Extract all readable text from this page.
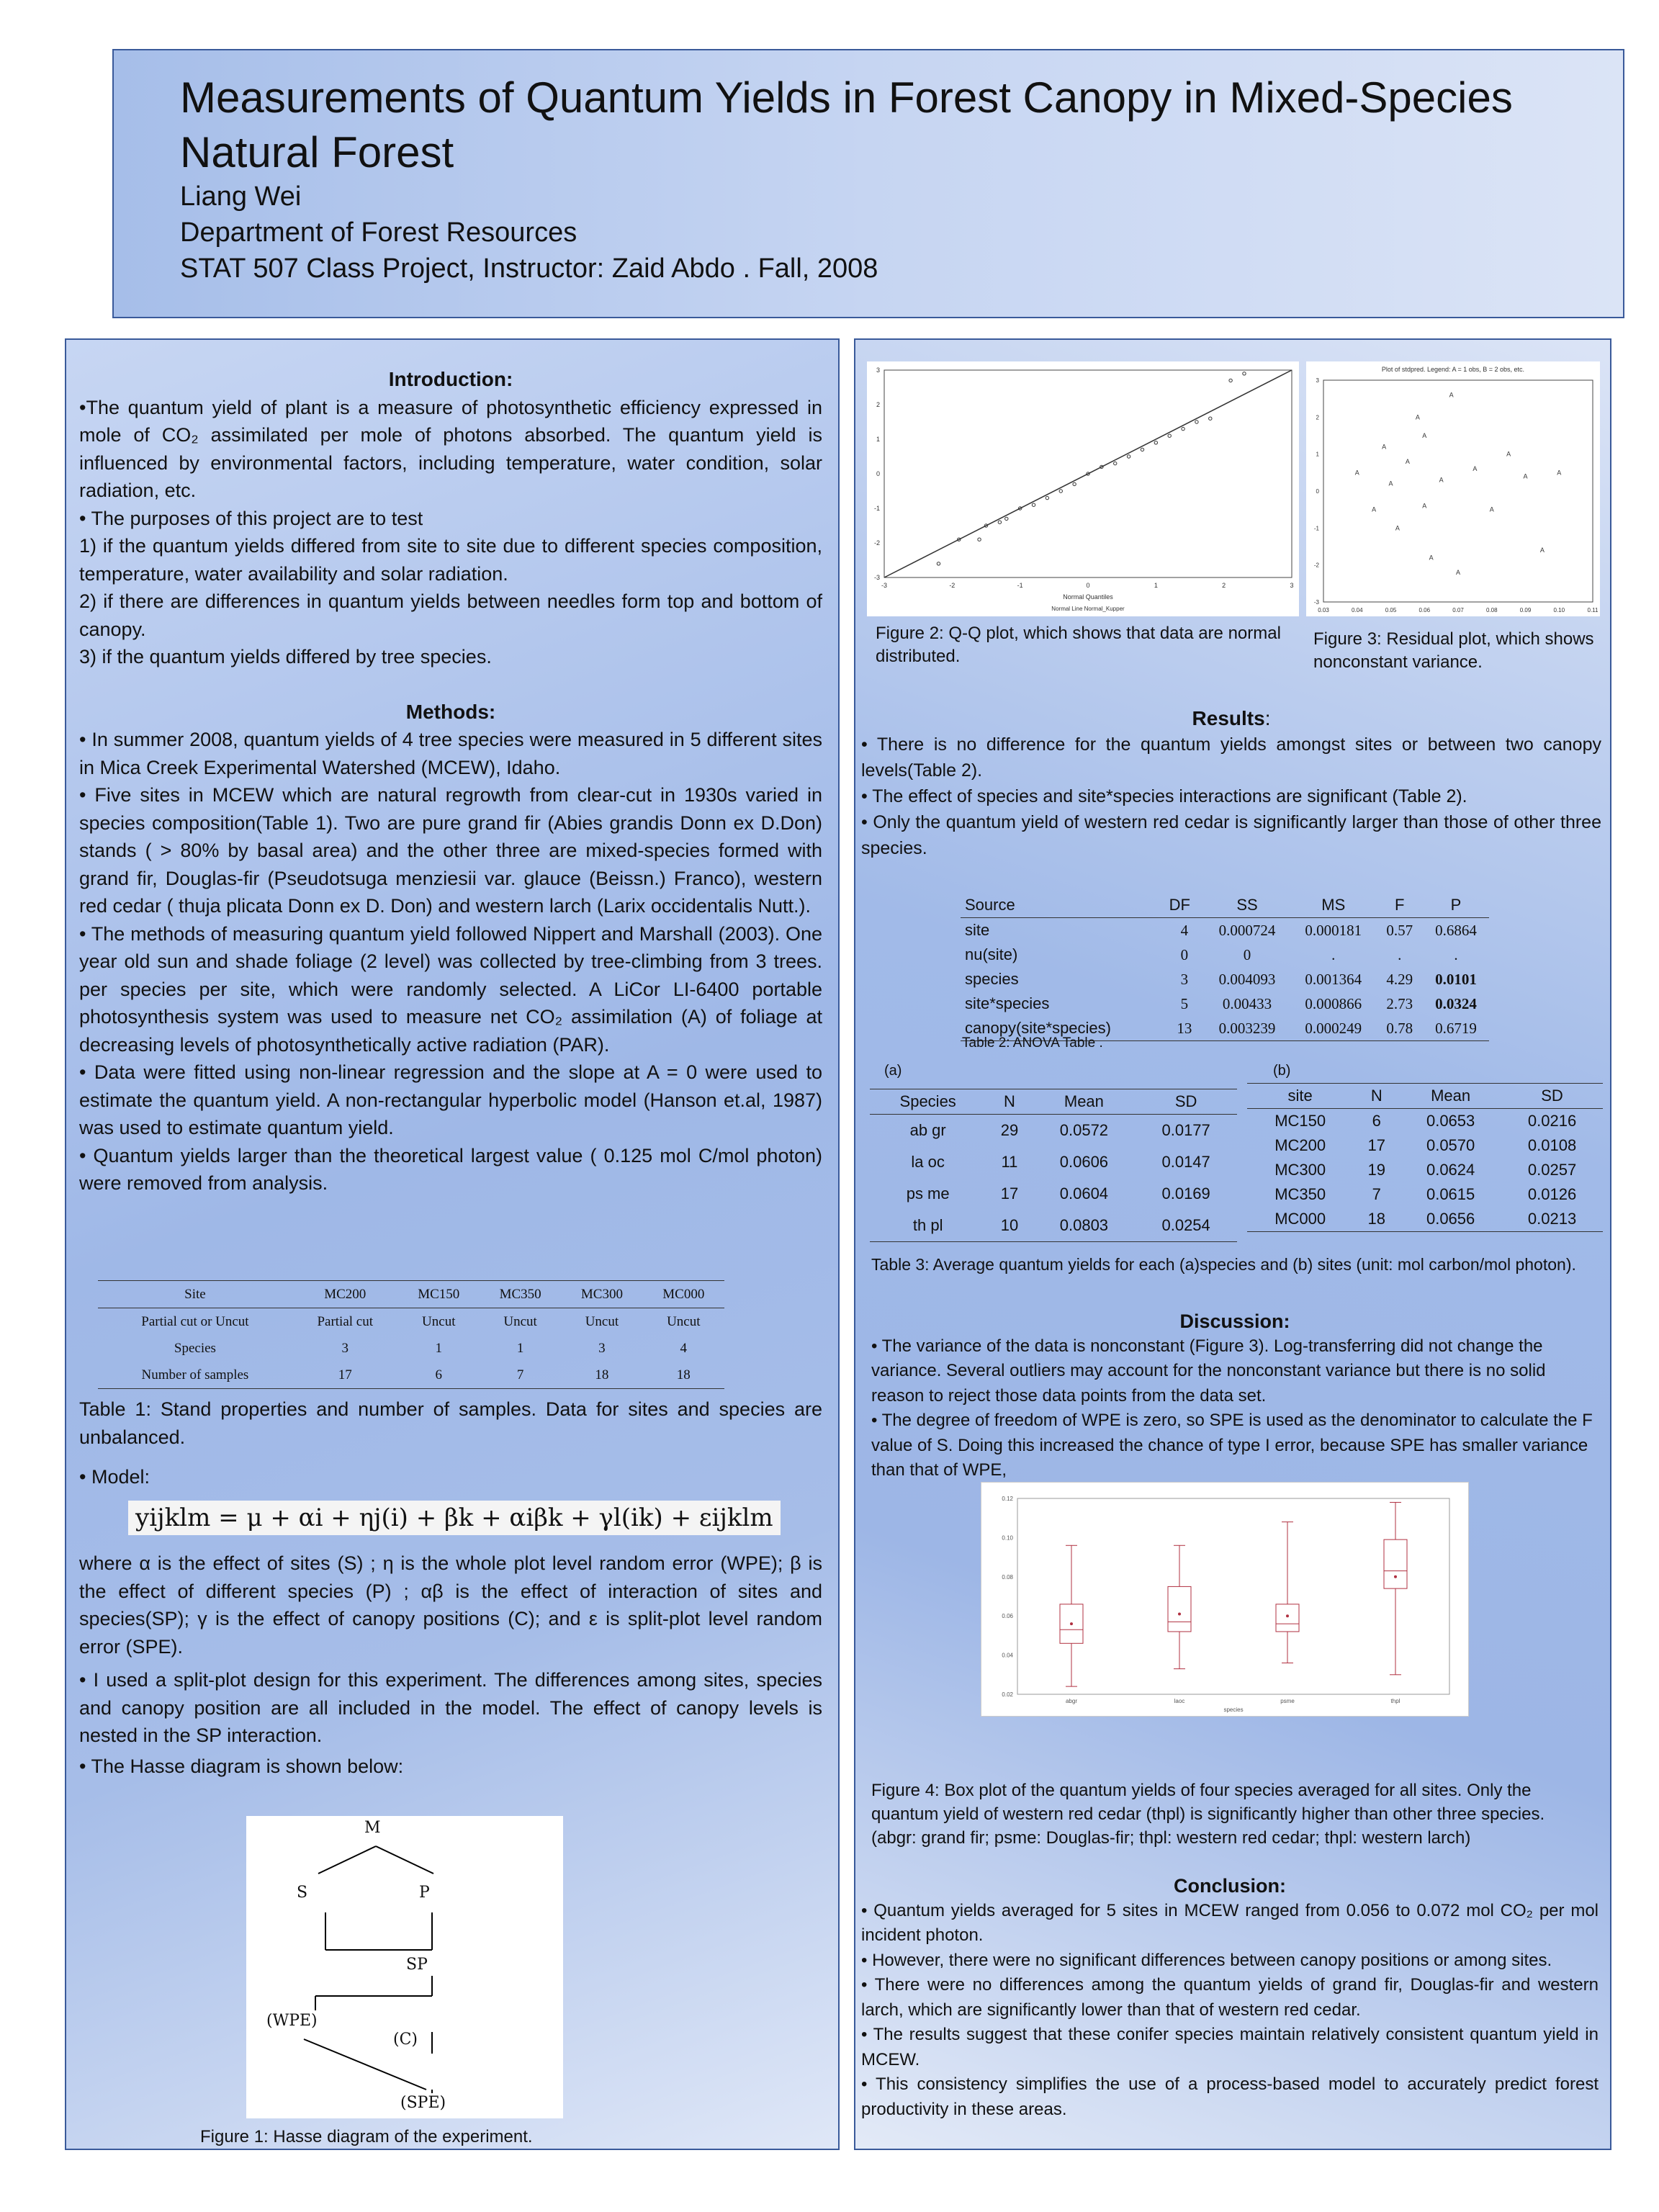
Measurements of Quantum Yields in Forest Canopy in Mixed-Species Natural Forest
Liang Wei
Department of Forest Resources
STAT 507 Class Project, Instructor: Zaid Abdo . Fall, 2008
Introduction:
•The quantum yield of plant is a measure of photosynthetic efficiency expressed in mole of CO₂ assimilated per mole of photons absorbed. The quantum yield is influenced by environmental factors, including temperature, water condition, solar radiation, etc.
• The purposes of this project are to test
1) if the quantum yields differed from site to site due to different species composition, temperature, water availability and solar radiation.
2) if there are differences in quantum yields between needles form top and bottom of canopy.
3) if the quantum yields differed by tree species.
Methods:
• In summer 2008, quantum yields of 4 tree species were measured in 5 different sites in Mica Creek Experimental Watershed (MCEW), Idaho.
• Five sites in MCEW which are natural regrowth from clear-cut in 1930s varied in species composition(Table 1). Two are pure grand fir (Abies grandis Donn ex D.Don) stands ( > 80% by basal area) and the other three are mixed-species formed with grand fir, Douglas-fir (Pseudotsuga menziesii var. glauce (Beissn.) Franco), western red cedar ( thuja plicata Donn ex D. Don) and western larch (Larix occidentalis Nutt.).
• The methods of measuring quantum yield followed Nippert and Marshall (2003). One year old sun and shade foliage (2 level) was collected by tree-climbing from 3 trees. per species per site, which were randomly selected. A LiCor LI-6400 portable photosynthesis system was used to measure net CO₂ assimilation (A) of foliage at decreasing levels of photosynthetically active radiation (PAR).
• Data were fitted using non-linear regression and the slope at A = 0 were used to estimate the quantum yield. A non-rectangular hyperbolic model (Hanson et.al, 1987) was used to estimate quantum yield.
• Quantum yields larger than the theoretical largest value ( 0.125 mol C/mol photon) were removed from analysis.
Site	MC200	MC150	MC350	MC300	MC000
Partial cut or Uncut	Partial cut	Uncut	Uncut	Uncut	Uncut
Species	3	1	1	3	4
Number of samples	17	6	7	18	18
Table 1: Stand properties and number of samples. Data for sites and species are unbalanced.
• Model:
yijklm = μ + αi + ηj(i) + βk + αiβk + γl(ik) + εijklm
where α is the effect of sites (S) ; η is the whole plot level random error (WPE); β is the effect of different species (P) ; αβ is the effect of interaction of sites and species(SP); γ is the effect of canopy positions (C); and ε is split-plot level random error (SPE).
• I used a split-plot design for this experiment. The differences among sites, species and canopy position are all included in the model. The effect of canopy levels is nested in the SP interaction.
• The Hasse diagram is shown below:
M
S	P
(WPE)
SP
(C)
(SPE)
Figure 1: Hasse diagram of the experiment.
-3
-3
-2
-2
-1
-1
0
0
1
1
2
2
3
3
Normal Quantiles
Normal Line Normal_Kupper
Figure 2: Q-Q plot, which shows that data are normal distributed.
Plot of stdpred. Legend: A = 1 obs, B = 2 obs, etc.
0.03	0.04	0.05	0.06	0.07	0.08	0.09	0.10	0.11
-3
-2
-1
0
1
2
3
A
A
A
A
A
A
A
A
A
A
A
A
A
A
A
A
A
A
A
Figure 3: Residual plot, which shows nonconstant variance.
Results:
• There is no difference for the quantum yields amongst sites or between two canopy levels(Table 2).
• The effect of species and site*species interactions are significant (Table 2).
• Only the quantum yield of western red cedar is significantly larger than those of other three species.
Source	DF	SS	MS	F	P
site	4	0.000724	0.000181	0.57	0.6864
nu(site)	0	0	.	.	.
species	3	0.004093	0.001364	4.29	0.0101
site*species	5	0.00433	0.000866	2.73	0.0324
canopy(site*species)	13	0.003239	0.000249	0.78	0.6719
Table 2: ANOVA Table .
(a)
Species	N	Mean	SD
ab gr	29	0.0572	0.0177
la oc	11	0.0606	0.0147
ps me	17	0.0604	0.0169
th pl	10	0.0803	0.0254
(b)
site	N	Mean	SD
MC150	6	0.0653	0.0216
MC200	17	0.0570	0.0108
MC300	19	0.0624	0.0257
MC350	7	0.0615	0.0126
MC000	18	0.0656	0.0213
Table 3: Average quantum yields for each (a)species and (b) sites (unit: mol carbon/mol photon).
Discussion:
• The variance of the data is nonconstant (Figure 3). Log-transferring did not change the variance. Several outliers may account for the nonconstant variance but there is no solid reason to reject those data points from the data set.
• The degree of freedom of WPE is zero, so SPE is used as the denominator to calculate the F value of S. Doing this increased the chance of type I error, because SPE has smaller variance than that of WPE,
0.02
0.04
0.06
0.08
0.10
0.12
abgr	laoc	psme	thpl
species
Figure 4: Box plot of the quantum yields of four species averaged for all sites. Only the quantum yield of western red cedar (thpl) is significantly higher than other three species. (abgr: grand fir; psme: Douglas-fir; thpl: western red cedar; thpl: western larch)
Conclusion:
• Quantum yields averaged for 5 sites in MCEW ranged from 0.056 to 0.072 mol CO₂ per mol incident photon.
• However, there were no significant differences between canopy positions or among sites.
• There were no differences among the quantum yields of grand fir, Douglas-fir and western larch, which are significantly lower than that of western red cedar.
• The results suggest that these conifer species maintain relatively consistent quantum yield in MCEW.
• This consistency simplifies the use of a process-based model to accurately predict forest productivity in these areas.
